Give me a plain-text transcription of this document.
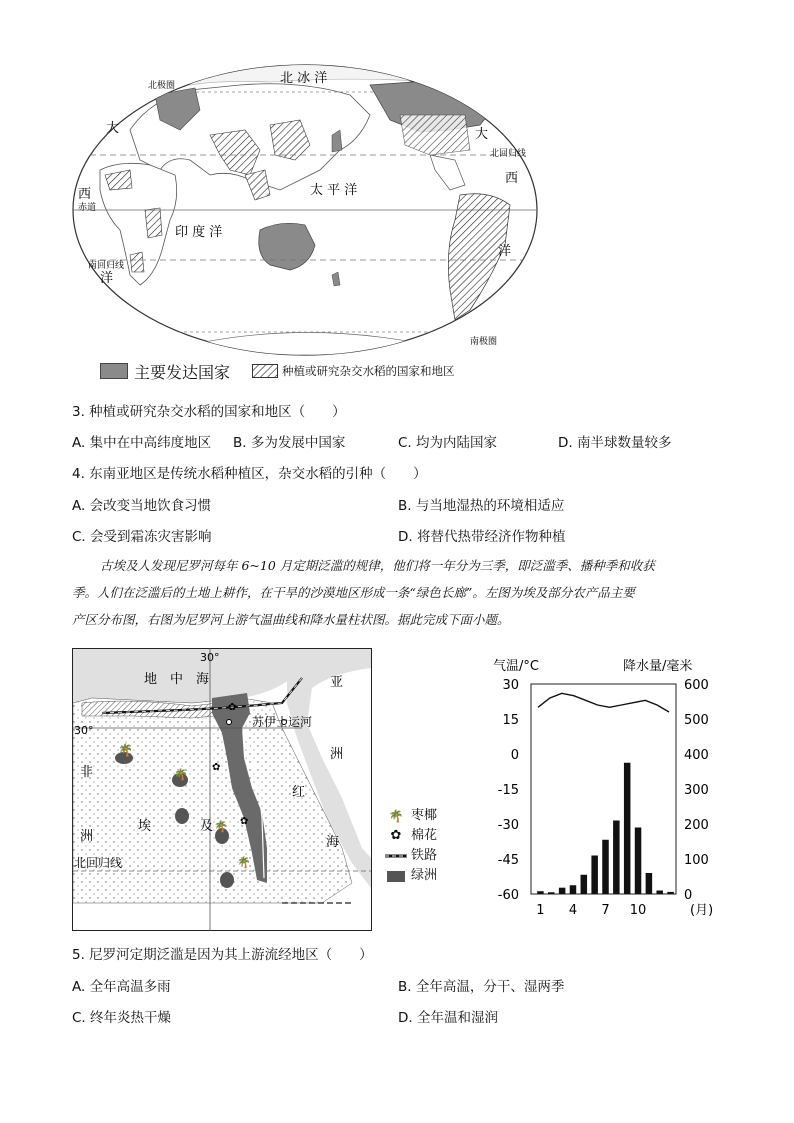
北极圈	北 冰 洋
大	大
西
西
北回归线
赤道
太 平 洋
印 度 洋
南回归线
洋
洋
南极圈
主要发达国家	种植或研究杂交水稻的国家和地区
3. 种植或研究杂交水稻的国家和地区（　　）
A. 集中在中高纬度地区 B. 多为发展中国家	C. 均为内陆国家	D. 南半球数量较多
4. 东南亚地区是传统水稻种植区，杂交水稻的引种（　　）
A. 会改变当地饮食习惯	B. 与当地湿热的环境相适应
C. 会受到霜冻灾害影响	D. 将替代热带经济作物种植
古埃及人发现尼罗河每年 6~10 月定期泛滥的规律，他们将一年分为三季，即泛滥季、播种季和收获
季。人们在泛滥后的土地上耕作，在干旱的沙漠地区形成一条“绿色长廊”。左图为埃及部分农产品主要
产区分布图，右图为尼罗河上游气温曲线和降水量柱状图。据此完成下面小题。
🌴
🌴
🌴
🌴
✿
✿
✿
30°
30°
地　中　海	亚
洲
非
洲
苏伊士运河
埃	及
红
海
北回归线
🌴 枣椰
✿ 棉花
铁路
绿洲
气温/°C	降水量/毫米
30
15
0
-15
-30
-45
-60
600
500
400
300
200
100
0
1 4 7 10	(月)
5. 尼罗河定期泛滥是因为其上游流经地区（　　）
A. 全年高温多雨	B. 全年高温，分干、湿两季
C. 终年炎热干燥	D. 全年温和湿润
